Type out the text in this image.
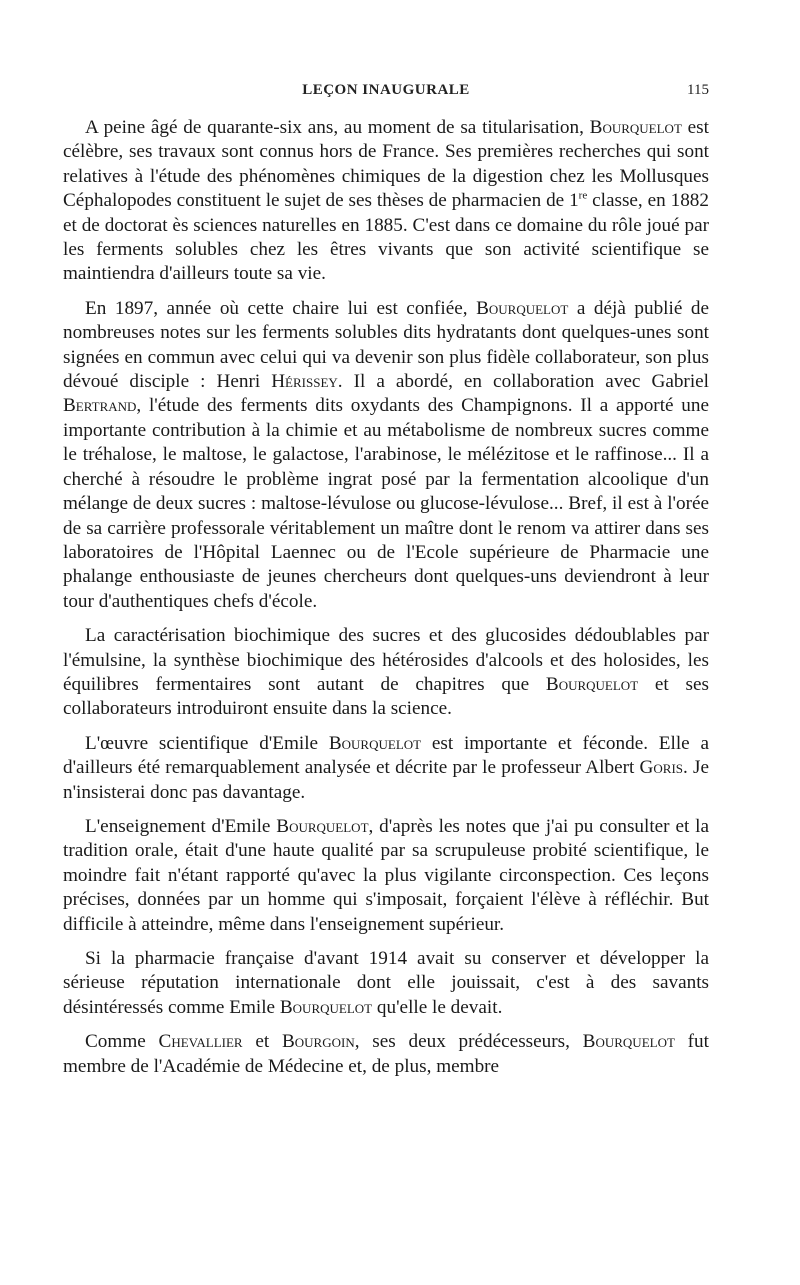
LEÇON INAUGURALE	115

A peine âgé de quarante-six ans, au moment de sa titularisation, Bourquelot est célèbre, ses travaux sont connus hors de France. Ses premières recherches qui sont relatives à l'étude des phénomènes chimiques de la digestion chez les Mollusques Céphalopodes constituent le sujet de ses thèses de pharmacien de 1re classe, en 1882 et de doctorat ès sciences naturelles en 1885. C'est dans ce domaine du rôle joué par les ferments solubles chez les êtres vivants que son activité scientifique se maintiendra d'ailleurs toute sa vie.

En 1897, année où cette chaire lui est confiée, Bourquelot a déjà publié de nombreuses notes sur les ferments solubles dits hydratants dont quelques-unes sont signées en commun avec celui qui va devenir son plus fidèle collaborateur, son plus dévoué disciple : Henri Hérissey. Il a abordé, en collaboration avec Gabriel Bertrand, l'étude des ferments dits oxydants des Champignons. Il a apporté une importante contribution à la chimie et au métabolisme de nombreux sucres comme le tréhalose, le maltose, le galactose, l'arabinose, le mélézitose et le raffinose... Il a cherché à résoudre le problème ingrat posé par la fermentation alcoolique d'un mélange de deux sucres : maltose-lévulose ou glucose-lévulose... Bref, il est à l'orée de sa carrière professorale véritablement un maître dont le renom va attirer dans ses laboratoires de l'Hôpital Laennec ou de l'Ecole supérieure de Pharmacie une phalange enthousiaste de jeunes chercheurs dont quelques-uns deviendront à leur tour d'authentiques chefs d'école.

La caractérisation biochimique des sucres et des glucosides dédoublables par l'émulsine, la synthèse biochimique des hétérosides d'alcools et des holosides, les équilibres fermentaires sont autant de chapitres que Bourquelot et ses collaborateurs introduiront ensuite dans la science.

L'œuvre scientifique d'Emile Bourquelot est importante et féconde. Elle a d'ailleurs été remarquablement analysée et décrite par le professeur Albert Goris. Je n'insisterai donc pas davantage.

L'enseignement d'Emile Bourquelot, d'après les notes que j'ai pu consulter et la tradition orale, était d'une haute qualité par sa scrupuleuse probité scientifique, le moindre fait n'étant rapporté qu'avec la plus vigilante circonspection. Ces leçons précises, données par un homme qui s'imposait, forçaient l'élève à réfléchir. But difficile à atteindre, même dans l'enseignement supérieur.

Si la pharmacie française d'avant 1914 avait su conserver et développer la sérieuse réputation internationale dont elle jouissait, c'est à des savants désintéressés comme Emile Bourquelot qu'elle le devait.

Comme Chevallier et Bourgoin, ses deux prédécesseurs, Bourquelot fut membre de l'Académie de Médecine et, de plus, membre
